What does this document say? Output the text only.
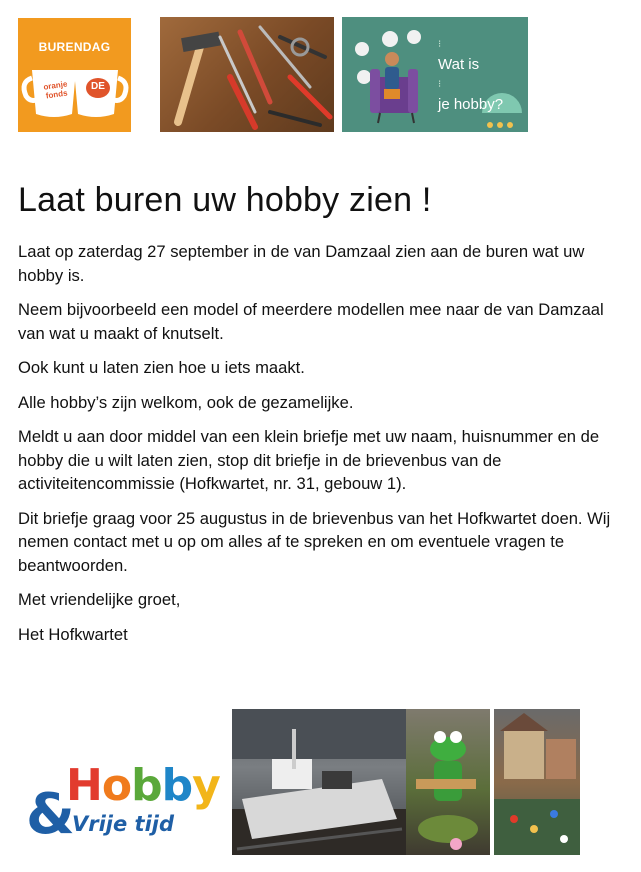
BURENDAG
oranje fonds
DE
⁝
Wat is
⁝
je hobby?
Laat buren uw hobby zien !

Laat op zaterdag 27 september in de van Damzaal zien aan de buren wat uw hobby is.

Neem bijvoorbeeld een model of meerdere modellen mee naar de van Damzaal van wat u maakt of knutselt.

Ook kunt u laten zien hoe u iets maakt.

Alle hobby’s zijn welkom, ook de gezamelijke.

Meldt u aan door middel van een klein briefje met uw naam, huisnummer en de hobby die u wilt laten zien, stop dit briefje in de brievenbus van de activiteitencommissie (Hofkwartet, nr. 31, gebouw 1).

Dit briefje graag voor 25 augustus in de brievenbus van het Hofkwartet doen. Wij nemen contact met u op om alles af te spreken en om eventuele vragen te beantwoorden.

Met vriendelijke groet,

Het Hofkwartet

&
Hobby
Vrije tijd
